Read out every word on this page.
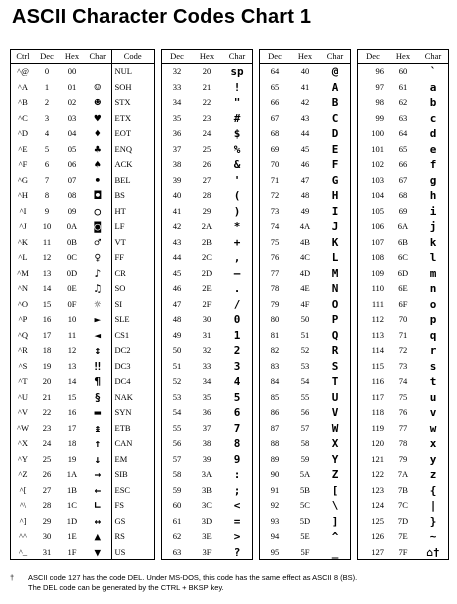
ASCII Character Codes Chart 1
Ctrl	Dec	Hex	Char	Code
^@	0	00		NUL
^A	1	01	☺	SOH
^B	2	02	☻	STX
^C	3	03	♥	ETX
^D	4	04	♦	EOT
^E	5	05	♣	ENQ
^F	6	06	♠	ACK
^G	7	07	•	BEL
^H	8	08	◘	BS
^I	9	09	○	HT
^J	10	0A	◙	LF
^K	11	0B	♂	VT
^L	12	0C	♀	FF
^M	13	0D	♪	CR
^N	14	0E	♫	SO
^O	15	0F	☼	SI
^P	16	10	►	SLE
^Q	17	11	◄	CS1
^R	18	12	↕	DC2
^S	19	13	‼	DC3
^T	20	14	¶	DC4
^U	21	15	§	NAK
^V	22	16	▬	SYN
^W	23	17	↨	ETB
^X	24	18	↑	CAN
^Y	25	19	↓	EM
^Z	26	1A	→	SIB
^[	27	1B	←	ESC
^\	28	1C	∟	FS
^]	29	1D	↔	GS
^^	30	1E	▲	RS
^_	31	1F	▼	US
Dec	Hex	Char
32	20	sp
33	21	!
34	22	"
35	23	#
36	24	$
37	25	%
38	26	&
39	27	'
40	28	(
41	29	)
42	2A	*
43	2B	+
44	2C	,
45	2D	–
46	2E	.
47	2F	/
48	30	0
49	31	1
50	32	2
51	33	3
52	34	4
53	35	5
54	36	6
55	37	7
56	38	8
57	39	9
58	3A	:
59	3B	;
60	3C	<
61	3D	=
62	3E	>
63	3F	?
Dec	Hex	Char
64	40	@
65	41	A
66	42	B
67	43	C
68	44	D
69	45	E
70	46	F
71	47	G
72	48	H
73	49	I
74	4A	J
75	4B	K
76	4C	L
77	4D	M
78	4E	N
79	4F	O
80	50	P
81	51	Q
82	52	R
83	53	S
84	54	T
85	55	U
86	56	V
87	57	W
88	58	X
89	59	Y
90	5A	Z
91	5B	[
92	5C	\
93	5D	]
94	5E	^
95	5F	_
Dec	Hex	Char
96	60	`
97	61	a
98	62	b
99	63	c
100	64	d
101	65	e
102	66	f
103	67	g
104	68	h
105	69	i
106	6A	j
107	6B	k
108	6C	l
109	6D	m
110	6E	n
111	6F	o
112	70	p
113	71	q
114	72	r
115	73	s
116	74	t
117	75	u
118	76	v
119	77	w
120	78	x
121	79	y
122	7A	z
123	7B	{
124	7C	|
125	7D	}
126	7E	~
127	7F	⌂†
† ASCII code 127 has the code DEL. Under MS-DOS, this code has the same effect as ASCII 8 (BS).
The DEL code can be generated by the CTRL + BKSP key.
